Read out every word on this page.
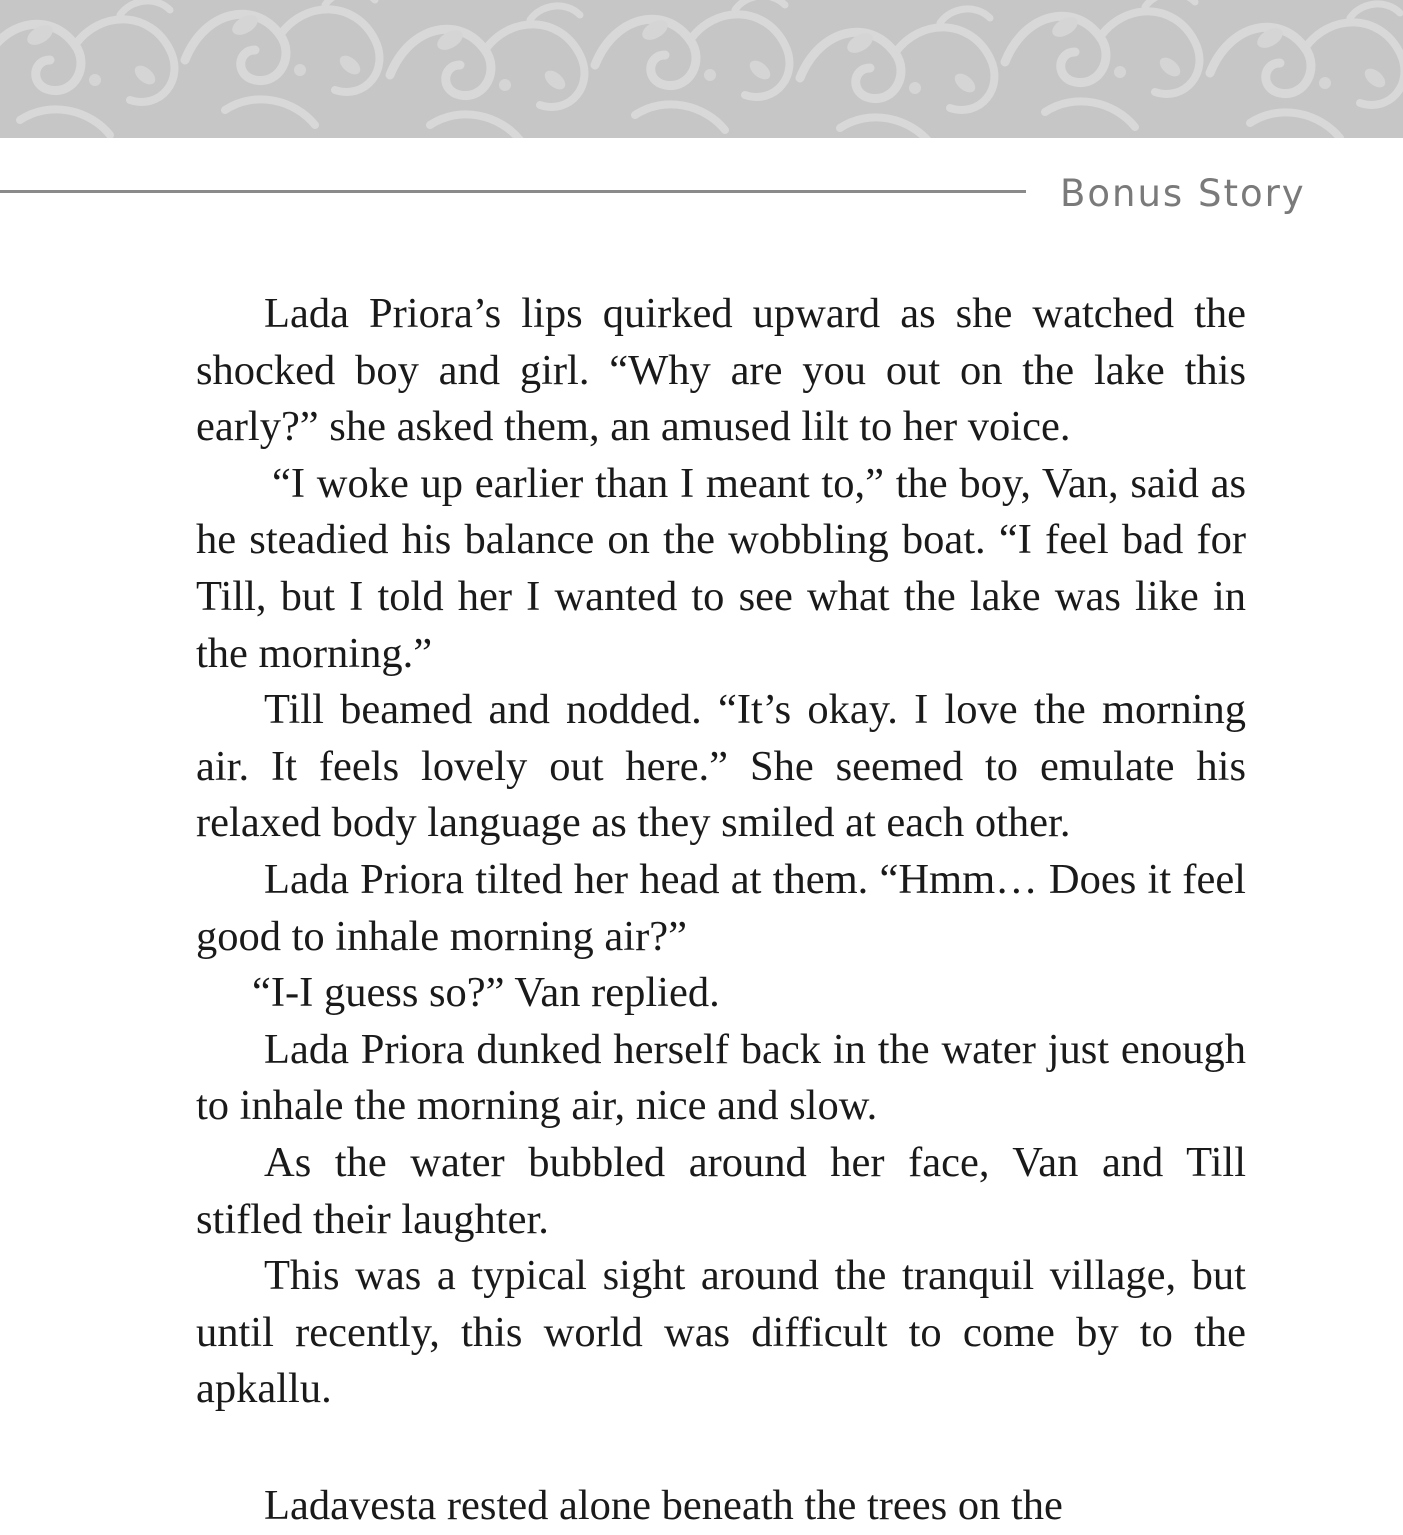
Bonus Story

Lada Priora’s lips quirked upward as she watched the shocked boy and girl. “Why are you out on the lake this early?” she asked them, an amused lilt to her voice.

“I woke up earlier than I meant to,” the boy, Van, said as he steadied his balance on the wobbling boat. “I feel bad for Till, but I told her I wanted to see what the lake was like in the morning.”

Till beamed and nodded. “It’s okay. I love the morning air. It feels lovely out here.” She seemed to emulate his relaxed body language as they smiled at each other.

Lada Priora tilted her head at them. “Hmm… Does it feel good to inhale morning air?”

“I-I guess so?” Van replied.

Lada Priora dunked herself back in the water just enough to inhale the morning air, nice and slow.

As the water bubbled around her face, Van and Till stifled their laughter.

This was a typical sight around the tranquil village, but until recently, this world was difficult to come by to the apkallu.

Ladavesta rested alone beneath the trees on the
